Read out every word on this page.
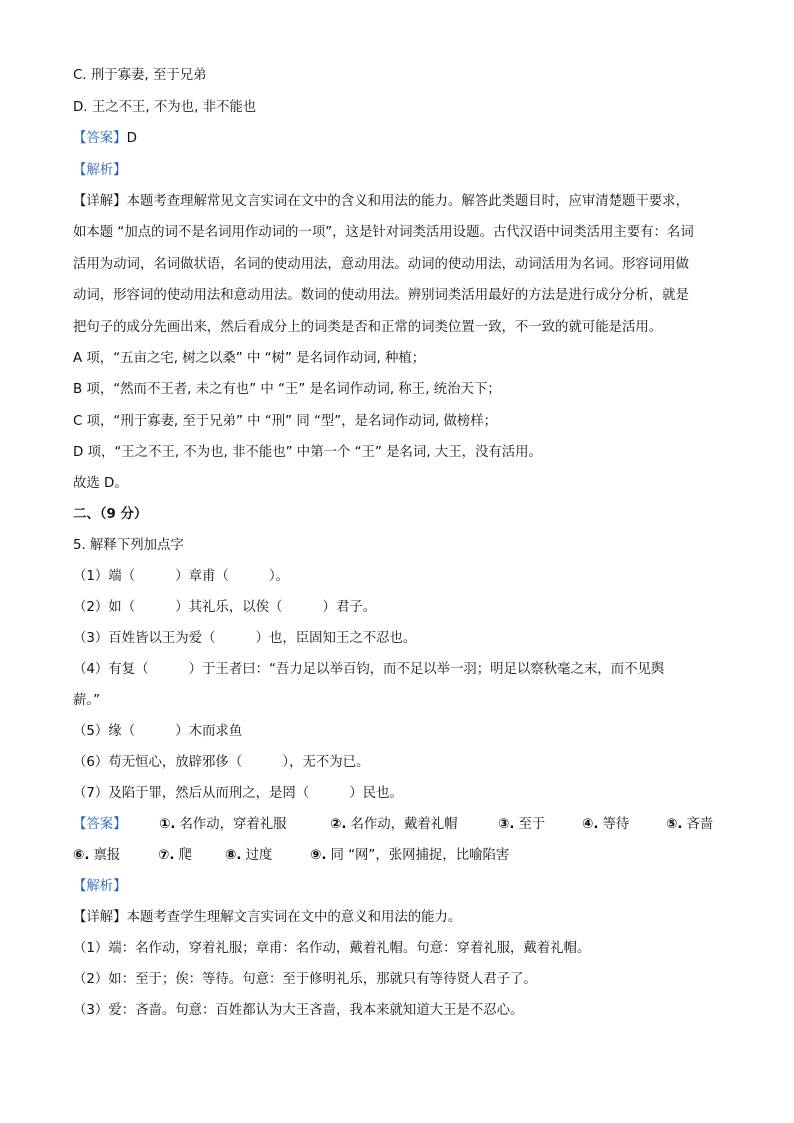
C. 刑于寡妻, 至于兄弟
D. 王之不王, 不为也, 非不能也
【答案】D
【解析】
【详解】本题考查理解常见文言实词在文中的含义和用法的能力。解答此类题目时，应审清楚题干要求，
如本题 “加点的词不是名词用作动词的一项”，这是针对词类活用设题。古代汉语中词类活用主要有：名词
活用为动词，名词做状语，名词的使动用法，意动用法。动词的使动用法，动词活用为名词。形容词用做
动词，形容词的使动用法和意动用法。数词的使动用法。辨别词类活用最好的方法是进行成分分析，就是
把句子的成分先画出来，然后看成分上的词类是否和正常的词类位置一致，不一致的就可能是活用。
A 项，“五亩之宅, 树之以桑” 中 “树” 是名词作动词, 种植；
B 项，“然而不王者, 未之有也” 中 “王” 是名词作动词, 称王, 统治天下；
C 项，“刑于寡妻, 至于兄弟” 中 “刑” 同 “型”，是名词作动词, 做榜样；
D 项，“王之不王, 不为也, 非不能也” 中第一个 “王” 是名词, 大王，没有活用。
故选 D。
二、（9 分）
5. 解释下列加点字
（1）端（　　　）章甫（　　　）。
（2）如（　　　）其礼乐，以俟（　　　）君子。
（3）百姓皆以王为爱（　　　）也，臣固知王之不忍也。
（4）有复（　　　）于王者曰：“吾力足以举百钧，而不足以举一羽；明足以察秋毫之末，而不见舆
薪。”
（5）缘（　　　）木而求鱼
（6）苟无恒心，放辟邪侈（　　　），无不为已。
（7）及陷于罪，然后从而刑之，是罔（　　　）民也。
【答案】 ①. 名作动，穿着礼服	②. 名作动，戴着礼帽	③. 至于	④. 等待	⑤. 吝啬
⑥. 禀报	⑦. 爬 ⑧. 过度	⑨. 同 “网”，张网捕捉，比喻陷害
【解析】
【详解】本题考查学生理解文言实词在文中的意义和用法的能力。
（1）端：名作动，穿着礼服；章甫：名作动，戴着礼帽。句意：穿着礼服，戴着礼帽。
（2）如：至于；俟：等待。句意：至于修明礼乐，那就只有等待贤人君子了。
（3）爱：吝啬。句意：百姓都认为大王吝啬，我本来就知道大王是不忍心。
